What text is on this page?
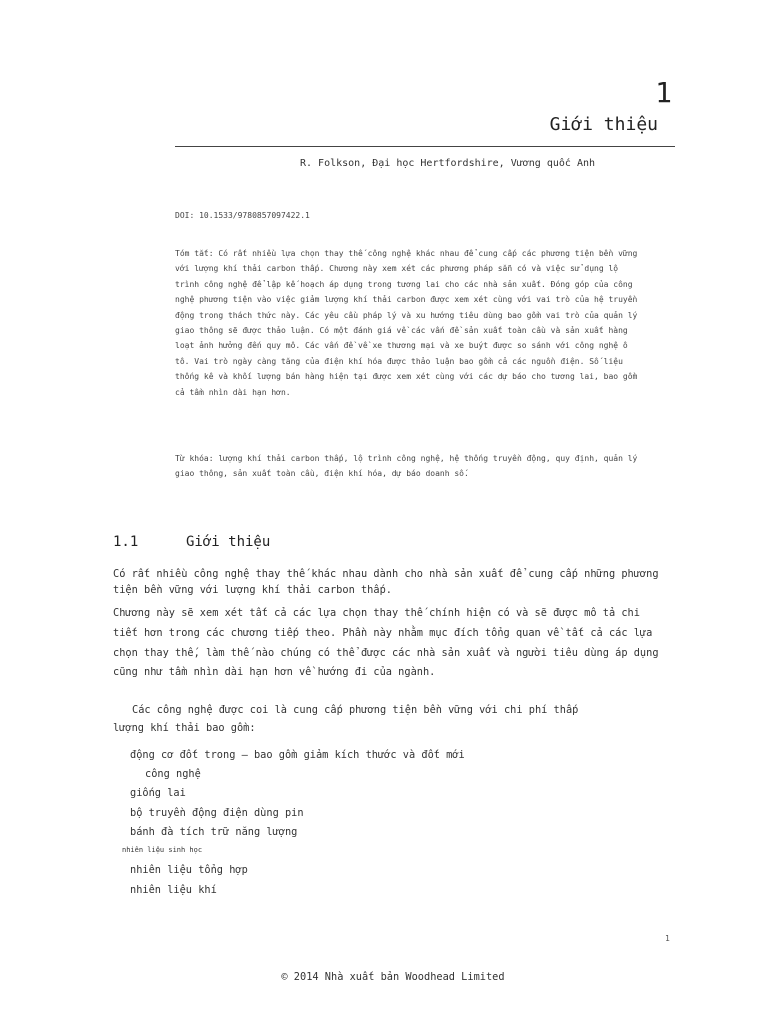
1
Giới thiệu
R. Folkson, Đại học Hertfordshire, Vương quốc Anh
DOI: 10.1533/9780857097422.1
Tóm tắt: Có rất nhiều lựa chọn thay thế công nghệ khác nhau để cung cấp các phương tiện bền vững với lượng khí thải carbon thấp. Chương này xem xét các phương pháp sẵn có và việc sử dụng lộ trình công nghệ để lập kế hoạch áp dụng trong tương lai cho các nhà sản xuất. Đóng góp của công nghệ phương tiện vào việc giảm lượng khí thải carbon được xem xét cùng với vai trò của hệ truyền động trong thách thức này. Các yêu cầu pháp lý và xu hướng tiêu dùng bao gồm vai trò của quản lý giao thông sẽ được thảo luận. Có một đánh giá về các vấn đề sản xuất toàn cầu và sản xuất hàng loạt ảnh hưởng đến quy mô. Các vấn đề về xe thương mại và xe buýt được so sánh với công nghệ ô tô. Vai trò ngày càng tăng của điện khí hóa được thảo luận bao gồm cả các nguồn điện. Số liệu thống kê và khối lượng bán hàng hiện tại được xem xét cùng với các dự báo cho tương lai, bao gồm cả tầm nhìn dài hạn hơn.
Từ khóa: lượng khí thải carbon thấp, lộ trình công nghệ, hệ thống truyền động, quy định, quản lý giao thông, sản xuất toàn cầu, điện khí hóa, dự báo doanh số.
1.1	Giới thiệu
Có rất nhiều công nghệ thay thế khác nhau dành cho nhà sản xuất để cung cấp những phương tiện bền vững với lượng khí thải carbon thấp.
Chương này sẽ xem xét tất cả các lựa chọn thay thế chính hiện có và sẽ được mô tả chi tiết hơn trong các chương tiếp theo. Phần này nhằm mục đích tổng quan về tất cả các lựa chọn thay thế, làm thế nào chúng có thể được các nhà sản xuất và người tiêu dùng áp dụng cũng như tầm nhìn dài hạn hơn về hướng đi của ngành.
Các công nghệ được coi là cung cấp phương tiện bền vững với chi phí thấp
lượng khí thải bao gồm:
động cơ đốt trong – bao gồm giảm kích thước và đốt mới
công nghệ
giống lai
bộ truyền động điện dùng pin
bánh đà tích trữ năng lượng
nhiên liệu sinh học
nhiên liệu tổng hợp
nhiên liệu khí
1
© 2014 Nhà xuất bản Woodhead Limited
